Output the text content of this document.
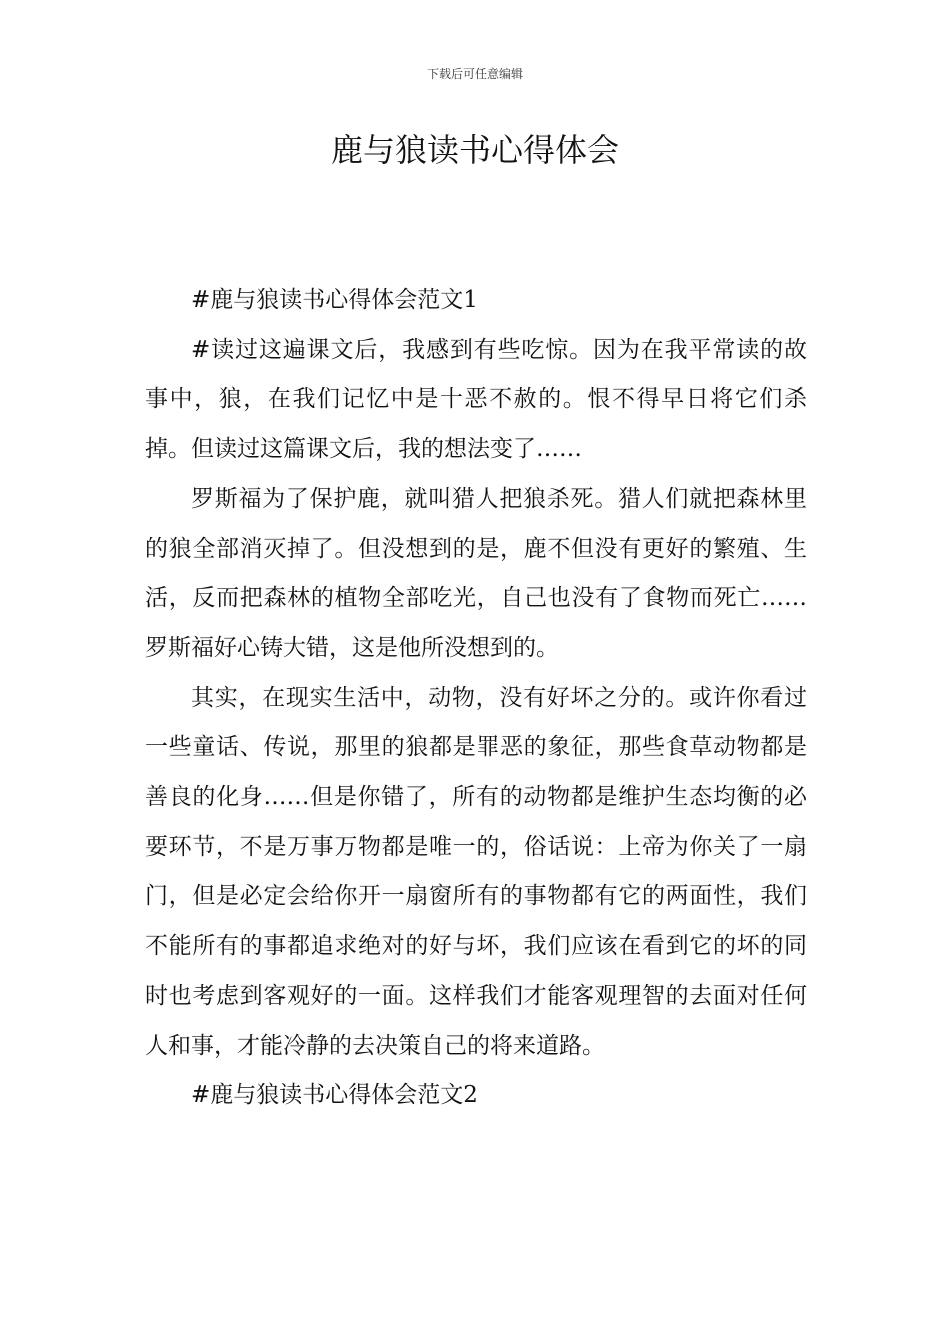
下载后可任意编辑
鹿与狼读书心得体会

#鹿与狼读书心得体会范文1

#读过这遍课文后，我感到有些吃惊。因为在我平常读的故事中，狼，在我们记忆中是十恶不赦的。恨不得早日将它们杀掉。但读过这篇课文后，我的想法变了……

罗斯福为了保护鹿，就叫猎人把狼杀死。猎人们就把森林里的狼全部消灭掉了。但没想到的是，鹿不但没有更好的繁殖、生活，反而把森林的植物全部吃光，自己也没有了食物而死亡……罗斯福好心铸大错，这是他所没想到的。

其实，在现实生活中，动物，没有好坏之分的。或许你看过一些童话、传说，那里的狼都是罪恶的象征，那些食草动物都是善良的化身……但是你错了，所有的动物都是维护生态均衡的必要环节，不是万事万物都是唯一的，俗话说：上帝为你关了一扇门，但是必定会给你开一扇窗所有的事物都有它的两面性，我们不能所有的事都追求绝对的好与坏，我们应该在看到它的坏的同时也考虑到客观好的一面。这样我们才能客观理智的去面对任何人和事，才能冷静的去决策自己的将来道路。

#鹿与狼读书心得体会范文2
